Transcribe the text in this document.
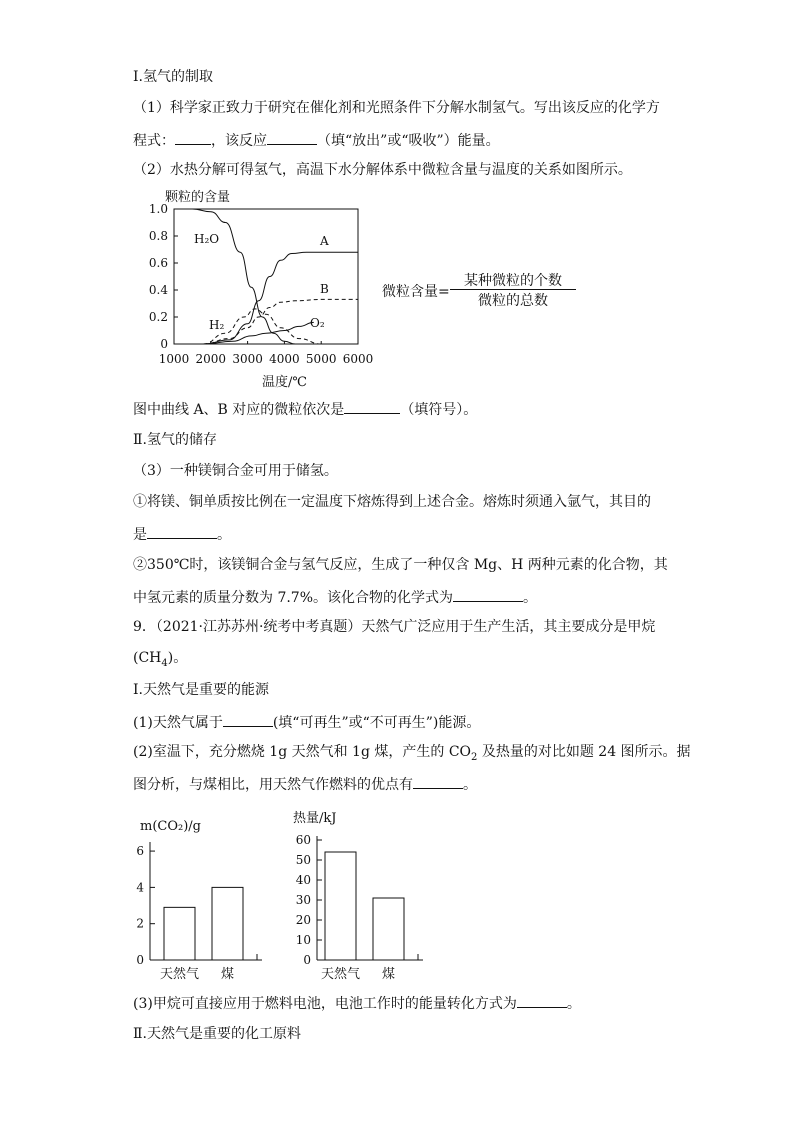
Ⅰ.氢气的制取
（1）科学家正致力于研究在催化剂和光照条件下分解水制氢气。写出该反应的化学方
程式：	，该反应	（填“放出”或“吸收”）能量。
（2）水热分解可得氢气，高温下水分解体系中微粒含量与温度的关系如图所示。
颗粒的含量
0
0.2
0.4
0.6
0.8
1.0
1000 2000 3000 4000 5000 6000
H₂O	A
B
H₂	O₂
温度/℃
微粒含量=
某种微粒的个数
微粒的总数
图中曲线 A、B 对应的微粒依次是	（填符号）。
Ⅱ.氢气的储存
（3）一种镁铜合金可用于储氢。
①将镁、铜单质按比例在一定温度下熔炼得到上述合金。熔炼时须通入氩气，其目的
是	。
②350℃时，该镁铜合金与氢气反应，生成了一种仅含 Mg、H 两种元素的化合物，其
中氢元素的质量分数为 7.7%。该化合物的化学式为	。
9．（2021·江苏苏州·统考中考真题）天然气广泛应用于生产生活，其主要成分是甲烷
$(CH_4)$。
Ⅰ.天然气是重要的能源
(1)天然气属于	(填“可再生”或“不可再生”)能源。
(2)室温下，充分燃烧 1g 天然气和 1g 煤，产生的 $CO_2$ 及热量的对比如题 24 图所示。据
图分析，与煤相比，用天然气作燃料的优点有	。
m(CO₂)/g
0
2
4
6
天然气 煤
热量/kJ
0
10
20
30
40
50
60
天然气 煤
(3)甲烷可直接应用于燃料电池，电池工作时的能量转化方式为	。
Ⅱ.天然气是重要的化工原料
